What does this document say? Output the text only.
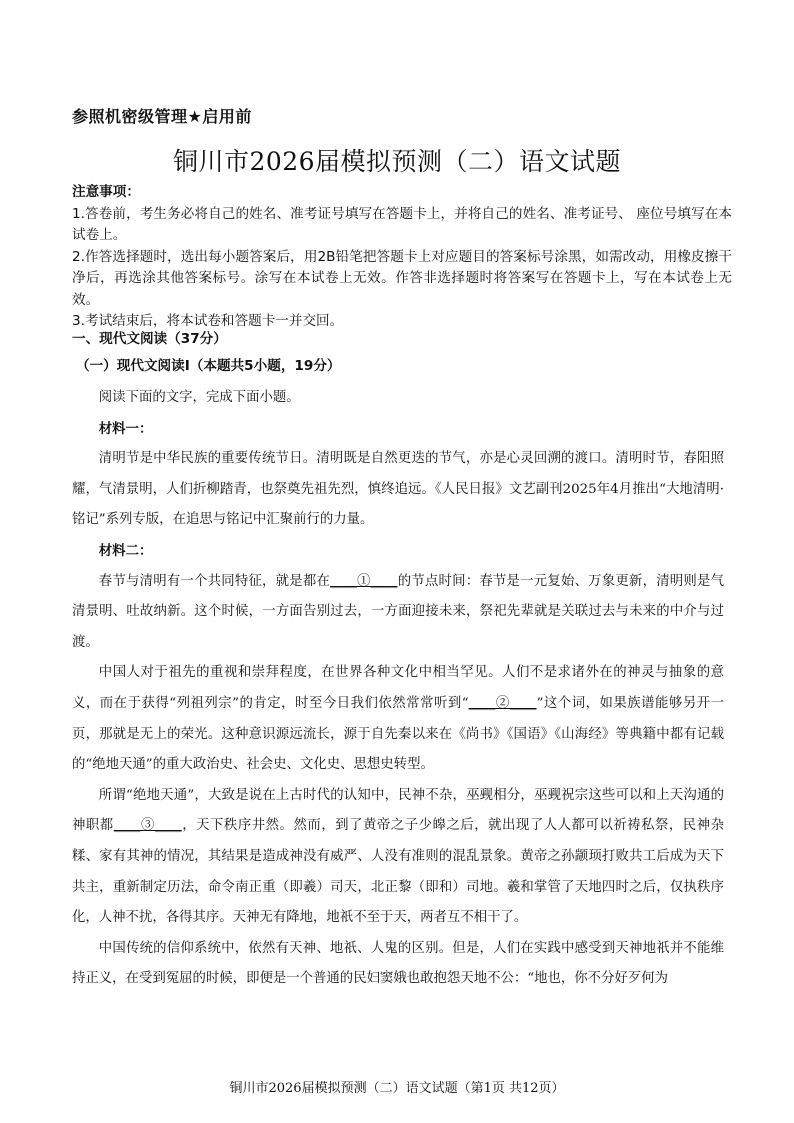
参照机密级管理★启用前
铜川市2026届模拟预测（二）语文试题

注意事项：

1.答卷前，考生务必将自己的姓名、准考证号填写在答题卡上，并将自己的姓名、准考证号、 座位号填写在本试卷上。

2.作答选择题时，选出每小题答案后，用2B铅笔把答题卡上对应题目的答案标号涂黑，如需改动，用橡皮擦干净后，再选涂其他答案标号。涂写在本试卷上无效。作答非选择题时将答案写在答题卡上，写在本试卷上无效。

3.考试结束后，将本试卷和答题卡一并交回。

一、现代文阅读（37分）
（一）现代文阅读Ⅰ（本题共5小题，19分）

阅读下面的文字，完成下面小题。

材料一：

清明节是中华民族的重要传统节日。清明既是自然更迭的节气，亦是心灵回溯的渡口。清明时节，春阳照耀，气清景明，人们折柳踏青，也祭奠先祖先烈，慎终追远。《人民日报》文艺副刊2025年4月推出“大地清明·铭记”系列专版，在追思与铭记中汇聚前行的力量。

材料二：

春节与清明有一个共同特征，就是都在____①____的节点时间：春节是一元复始、万象更新，清明则是气清景明、吐故纳新。这个时候，一方面告别过去，一方面迎接未来，祭祀先辈就是关联过去与未来的中介与过渡。

中国人对于祖先的重视和崇拜程度，在世界各种文化中相当罕见。人们不是求诸外在的神灵与抽象的意义，而在于获得“列祖列宗”的肯定，时至今日我们依然常常听到“____②____”这个词，如果族谱能够另开一页，那就是无上的荣光。这种意识源远流长，源于自先秦以来在《尚书》《国语》《山海经》等典籍中都有记载的“绝地天通”的重大政治史、社会史、文化史、思想史转型。

所谓“绝地天通”，大致是说在上古时代的认知中，民神不杂，巫觋相分，巫觋祝宗这些可以和上天沟通的神职都____③____，天下秩序井然。然而，到了黄帝之子少皞之后，就出现了人人都可以祈祷私祭，民神杂糅、家有其神的情况，其结果是造成神没有威严、人没有准则的混乱景象。黄帝之孙颛顼打败共工后成为天下共主，重新制定历法，命令南正重（即羲）司天，北正黎（即和）司地。羲和掌管了天地四时之后，仅执秩序化，人神不扰，各得其序。天神无有降地，地祇不至于天，两者互不相干了。

中国传统的信仰系统中，依然有天神、地祇、人鬼的区别。但是，人们在实践中感受到天神地祇并不能维持正义，在受到冤屈的时候，即便是一个普通的民妇窦娥也敢抱怨天地不公：“地也，你不分好歹何为

铜川市2026届模拟预测（二）语文试题（第1页 共12页）
